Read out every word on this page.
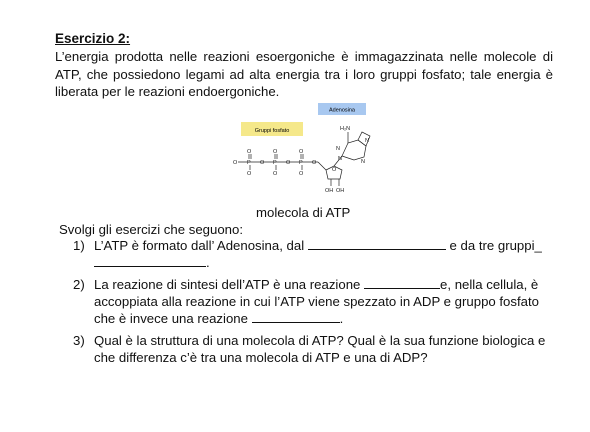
Esercizio 2:
L’energia prodotta nelle reazioni esoergoniche è immagazzinata nelle molecole di ATP, che possiedono legami ad alta energia tra i loro gruppi fosfato; tale energia è liberata per le reazioni endoergoniche.
Adenosina
Gruppi fosfato
O	O	O
O P O P O P O
O	O	O
O
H₂N
N
N
N	N
OH OH
molecola di ATP
Svolgi gli esercizi che seguono:
1) L’ATP è formato dall’ Adenosina, dal	e da tre gruppi_
.
2) La reazione di sintesi dell’ATP è una reazione	e, nella cellula, è accoppiata alla reazione in cui l’ATP viene spezzato in ADP e gruppo fosfato che è invece una reazione	.
3) Qual è la struttura di una molecola di ATP? Qual è la sua funzione biologica e che differenza c’è tra una molecola di ATP e una di ADP?
